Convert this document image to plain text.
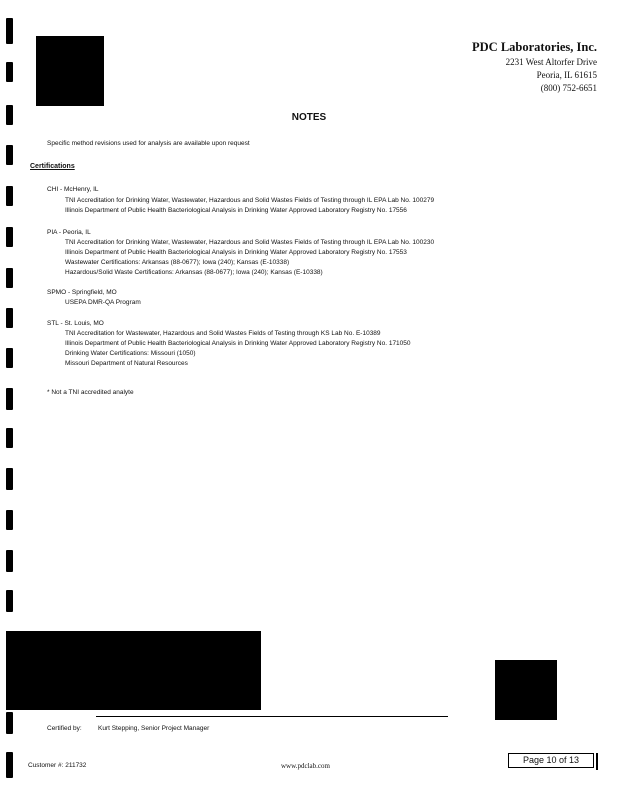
PDC Laboratories, Inc.
2231 West Altorfer Drive
Peoria, IL 61615
(800) 752-6651
NOTES
Specific method revisions used for analysis are available upon request
Certifications
CHI - McHenry, IL
TNI Accreditation for Drinking Water, Wastewater, Hazardous and Solid Wastes Fields of Testing through IL EPA Lab No. 100279
Illinois Department of Public Health Bacteriological Analysis in Drinking Water Approved Laboratory Registry No. 17556
PIA - Peoria, IL
TNI Accreditation for Drinking Water, Wastewater, Hazardous and Solid Wastes Fields of Testing through IL EPA Lab No. 100230
Illinois Department of Public Health Bacteriological Analysis in Drinking Water Approved Laboratory Registry No. 17553
Wastewater Certifications: Arkansas (88-0677); Iowa (240); Kansas (E-10338)
Hazardous/Solid Waste Certifications: Arkansas (88-0677); Iowa (240); Kansas (E-10338)
SPMO - Springfield, MO
USEPA DMR-QA Program
STL - St. Louis, MO
TNI Accreditation for Wastewater, Hazardous and Solid Wastes Fields of Testing through KS Lab No. E-10389
Illinois Department of Public Health Bacteriological Analysis in Drinking Water Approved Laboratory Registry No. 171050
Drinking Water Certifications: Missouri (1050)
Missouri Department of Natural Resources
* Not a TNI accredited analyte
Certified by:	Kurt Stepping, Senior Project Manager
Customer #: 211732	www.pdclab.com
Page 10 of 13
